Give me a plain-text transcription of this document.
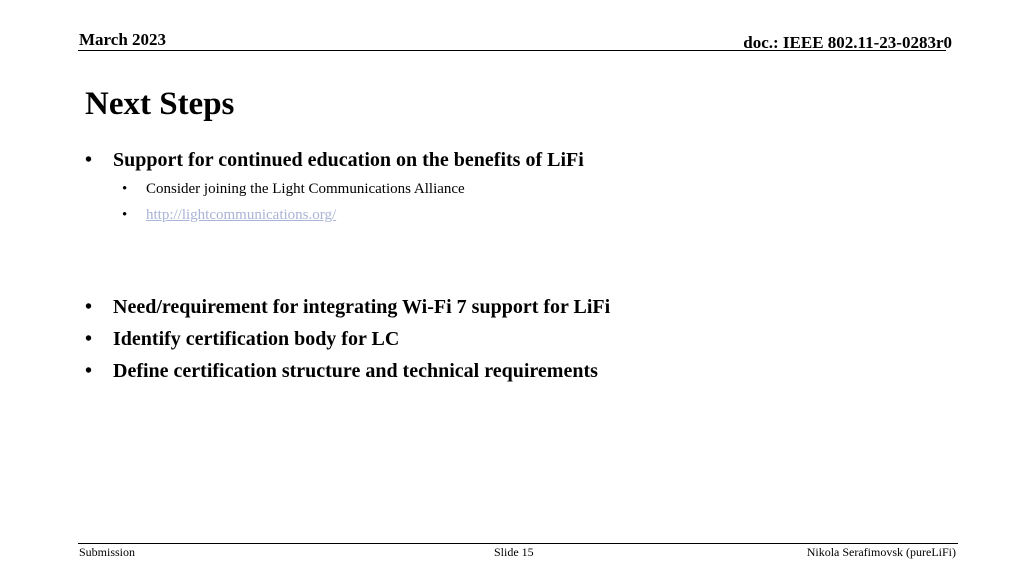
March 2023	doc.: IEEE 802.11-23-0283r0
Next Steps
• Support for continued education on the benefits of LiFi
• Consider joining the Light Communications Alliance
• http://lightcommunications.org/
• Need/requirement for integrating Wi-Fi 7 support for LiFi
• Identify certification body for LC
• Define certification structure and technical requirements
Submission	Slide 15	Nikola Serafimovsk (pureLiFi)
